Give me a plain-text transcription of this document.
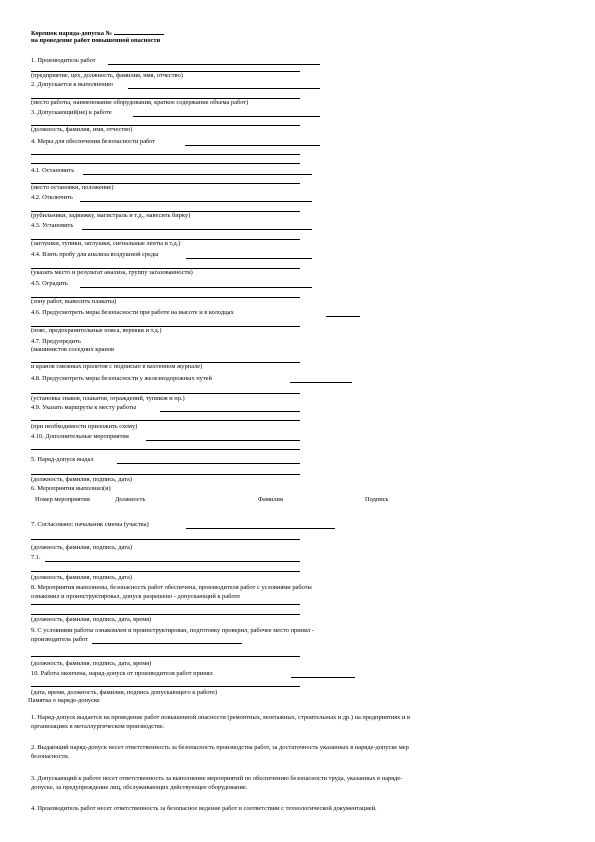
Корешок наряда-допуска №
на проведение работ повышенной опасности
1. Производитель работ
(предприятие, цех, должность, фамилия, имя, отчество)
2. Допускается к выполнению
(место работы, наименование оборудования, краткое содержание объема работ)
3. Допускающий(ие) к работе
(должность, фамилия, имя, отчество)
4. Меры для обеспечения безопасности работ
4.1. Остановить
(место остановки, положение)
4.2. Отключить
(рубильники, задвижку, магистраль и т.д., навесить бирку)
4.3. Установить
(заглушки, тупики, заглушки, сигнальные ленты и т.д.)
4.4. Взять пробу для анализа воздушной среды
(указать место и результат анализа, группу загазованности)
4.5. Оградить
(зону работ, вывесить плакаты)
4.6. Предусмотреть меры безопасности при работе на высоте и в колодцах
(пояс, предохранительные пояса, веревки и т.д.)
4.7. Предупредить
(машинистов соседних кранов
и кранов смежных пролетов с подписью в вахтенном журнале)
4.8. Предусмотреть меры безопасности у железнодорожных путей
(установка знаков, плакатов, ограждений, тупиков и пр.)
4.9. Указать маршруты к месту работы
(при необходимости приложить схему)
4.10. Дополнительные мероприятия
5. Наряд-допуск выдал
(должность, фамилия, подпись, дата)
6. Мероприятия выполнил(и)
Номер мероприятия	Должность	Фамилия	Подпись
7. Согласовано: начальник смены (участка)
(должность, фамилия, подпись, дата)
7.1.
(должность, фамилия, подпись, дата)
8. Мероприятия выполнены, безопасность работ обеспечена, производителя работ с условиями работы
ознакомил и проинструктировал, допуск разрешено - допускающий к работе
(должность, фамилия, подпись, дата, время)
9. С условиями работы ознакомлен и проинструктирован, подготовку проверил, рабочее место принял -
производитель работ
(должность, фамилия, подпись, дата, время)
10. Работа окончена, наряд-допуск от производителя работ принял
(дата, время, должность, фамилия, подпись допускающего к работе)
Памятка о наряде-допуске
1. Наряд-допуск выдается на проведение работ повышенной опасности (ремонтных, монтажных, строительных и др.) на предприятиях и в
организациях в металлургическом производстве.
2. Выдающий наряд-допуск несет ответственность за безопасность производства работ, за достаточность указанных в наряде-допуске мер
безопасности.
3. Допускающий к работе несет ответственность за выполнение мероприятий по обеспечению безопасности труда, указанных в наряде-
допуске, за предупреждение лиц, обслуживающих действующее оборудование.
4. Производитель работ несет ответственность за безопасное ведение работ в соответствии с технологической документацией.
